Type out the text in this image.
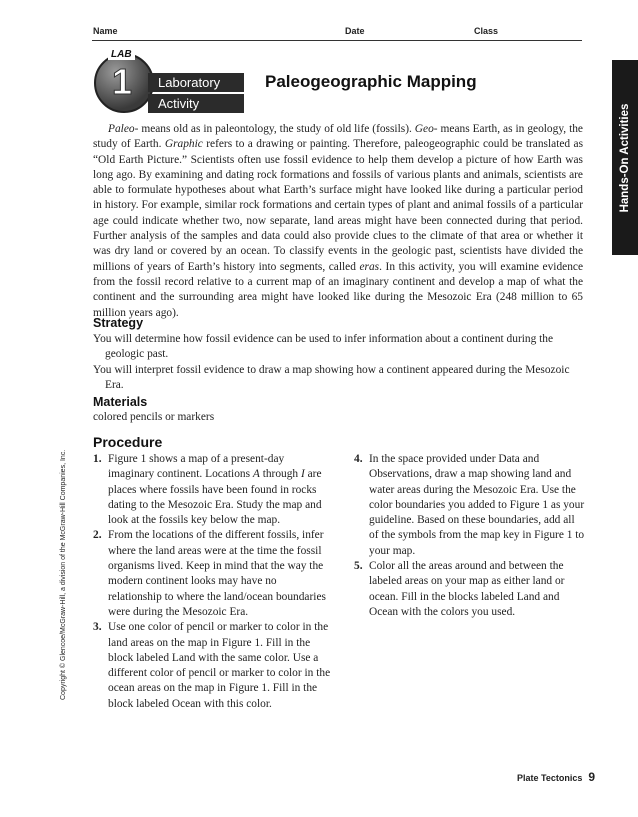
Name	Date	Class
Hands-On Activities
Copyright © Glencoe/McGraw-Hill, a division of the McGraw-Hill Companies, Inc.
1
LAB
Laboratory
Activity
Paleogeographic Mapping

Paleo- means old as in paleontology, the study of old life (fossils). Geo- means Earth, as in geology, the study of Earth. Graphic refers to a drawing or painting. Therefore, paleogeographic could be translated as “Old Earth Picture.” Scientists often use fossil evidence to help them develop a picture of how Earth was long ago. By examining and dating rock formations and fossils of various plants and animals, scientists are able to formulate hypotheses about what Earth’s surface might have looked like during a particular period in history. For example, similar rock formations and certain types of plant and animal fossils of a particular age could indicate whether two, now separate, land areas might have been connected during that period. Further analysis of the samples and data could also provide clues to the climate of that area or whether it was dry land or covered by an ocean. To classify events in the geologic past, scientists have divided the millions of years of Earth’s history into segments, called eras. In this activity, you will examine evidence from the fossil record relative to a current map of an imaginary continent and develop a map of what the continent and the surrounding area might have looked like during the Mesozoic Era (248 million to 65 million years ago).

Strategy

You will determine how fossil evidence can be used to infer information about a continent during the geologic past.

You will interpret fossil evidence to draw a map showing how a continent appeared during the Mesozoic Era.

Materials
colored pencils or markers
Procedure
1. Figure 1 shows a map of a present-day imaginary continent. Locations A through I are places where fossils have been found in rocks dating to the Mesozoic Era. Study the map and look at the fossils key below the map.
2. From the locations of the different fossils, infer where the land areas were at the time the fossil organisms lived. Keep in mind that the way the modern continent looks may have no relationship to where the land/ocean boundaries were during the Mesozoic Era.
3. Use one color of pencil or marker to color in the land areas on the map in Figure 1. Fill in the block labeled Land with the same color. Use a different color of pencil or marker to color in the ocean areas on the map in Figure 1. Fill in the block labeled Ocean with this color.
4. In the space provided under Data and Observations, draw a map showing land and water areas during the Mesozoic Era. Use the color boundaries you added to Figure 1 as your guideline. Based on these boundaries, add all of the symbols from the map key in Figure 1 to your map.
5. Color all the areas around and between the labeled areas on your map as either land or ocean. Fill in the blocks labeled Land and Ocean with the colors you used.
Plate Tectonics 9
